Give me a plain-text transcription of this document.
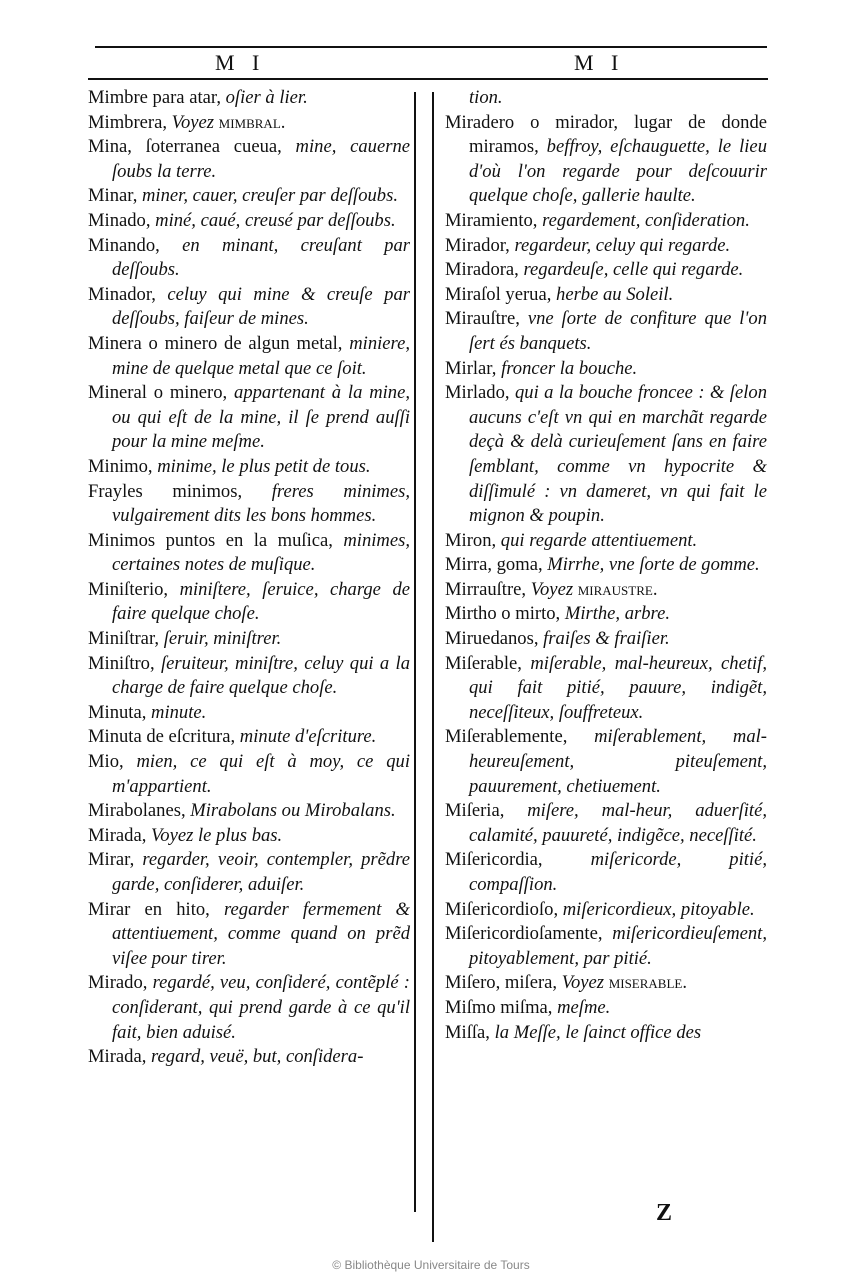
M I	M I

Mimbre para atar, oſier à lier.

Mimbrera, Voyez mimbral.

Mina, ſoterranea cueua, mine, cauerne ſoubs la terre.

Minar, miner, cauer, creuſer par deſſoubs.

Minado, miné, caué, creusé par deſſoubs.

Minando, en minant, creuſant par deſſoubs.

Minador, celuy qui mine & creuſe par deſſoubs, faiſeur de mines.

Minera o minero de algun metal, miniere, mine de quelque metal que ce ſoit.

Mineral o minero, appartenant à la mine, ou qui eſt de la mine, il ſe prend auſſi pour la mine meſme.

Minimo, minime, le plus petit de tous.

Frayles minimos, freres minimes, vulgairement dits les bons hommes.

Minimos puntos en la muſica, minimes, certaines notes de muſique.

Miniſterio, miniſtere, ſeruice, charge de faire quelque choſe.

Miniſtrar, ſeruir, miniſtrer.

Miniſtro, ſeruiteur, miniſtre, celuy qui a la charge de faire quelque choſe.

Minuta, minute.

Minuta de eſcritura, minute d'eſcriture.

Mio, mien, ce qui eſt à moy, ce qui m'appartient.

Mirabolanes, Mirabolans ou Mirobalans.

Mirada, Voyez le plus bas.

Mirar, regarder, veoir, contempler, prẽdre garde, conſiderer, aduiſer.

Mirar en hito, regarder fermement & attentiuement, comme quand on prẽd viſee pour tirer.

Mirado, regardé, veu, conſideré, contẽplé : conſiderant, qui prend garde à ce qu'il fait, bien aduisé.

Mirada, regard, veuë, but, conſidera-

tion.

Miradero o mirador, lugar de donde miramos, beffroy, eſchauguette, le lieu d'où l'on regarde pour deſcouurir quelque choſe, gallerie haulte.

Miramiento, regardement, conſideration.

Mirador, regardeur, celuy qui regarde.

Miradora, regardeuſe, celle qui regarde.

Miraſol yerua, herbe au Soleil.

Mirauſtre, vne ſorte de confiture que l'on ſert és banquets.

Mirlar, froncer la bouche.

Mirlado, qui a la bouche froncee : & ſelon aucuns c'eſt vn qui en marchãt regarde deçà & delà curieuſement ſans en faire ſemblant, comme vn hypocrite & diſſimulé : vn dameret, vn qui fait le mignon & poupin.

Miron, qui regarde attentiuement.

Mirra, goma, Mirrhe, vne ſorte de gomme.

Mirrauſtre, Voyez mirauſtre.

Mirtho o mirto, Mirthe, arbre.

Miruedanos, fraiſes & fraiſier.

Miſerable, miſerable, mal-heureux, chetif, qui fait pitié, pauure, indigẽt, neceſſiteux, ſouffreteux.

Miſerablemente, miſerablement, mal-heureuſement, piteuſement, pauurement, chetiuement.

Miſeria, miſere, mal-heur, aduerſité, calamité, pauureté, indigẽce, neceſſité.

Miſericordia, miſericorde, pitié, compaſſion.

Miſericordioſo, miſericordieux, pitoyable.

Miſericordioſamente, miſericordieuſement, pitoyablement, par pitié.

Miſero, miſera, Voyez miſerable.

Miſmo miſma, meſme.

Miſſa, la Meſſe, le ſainct office des

Z
© Bibliothèque Universitaire de Tours
